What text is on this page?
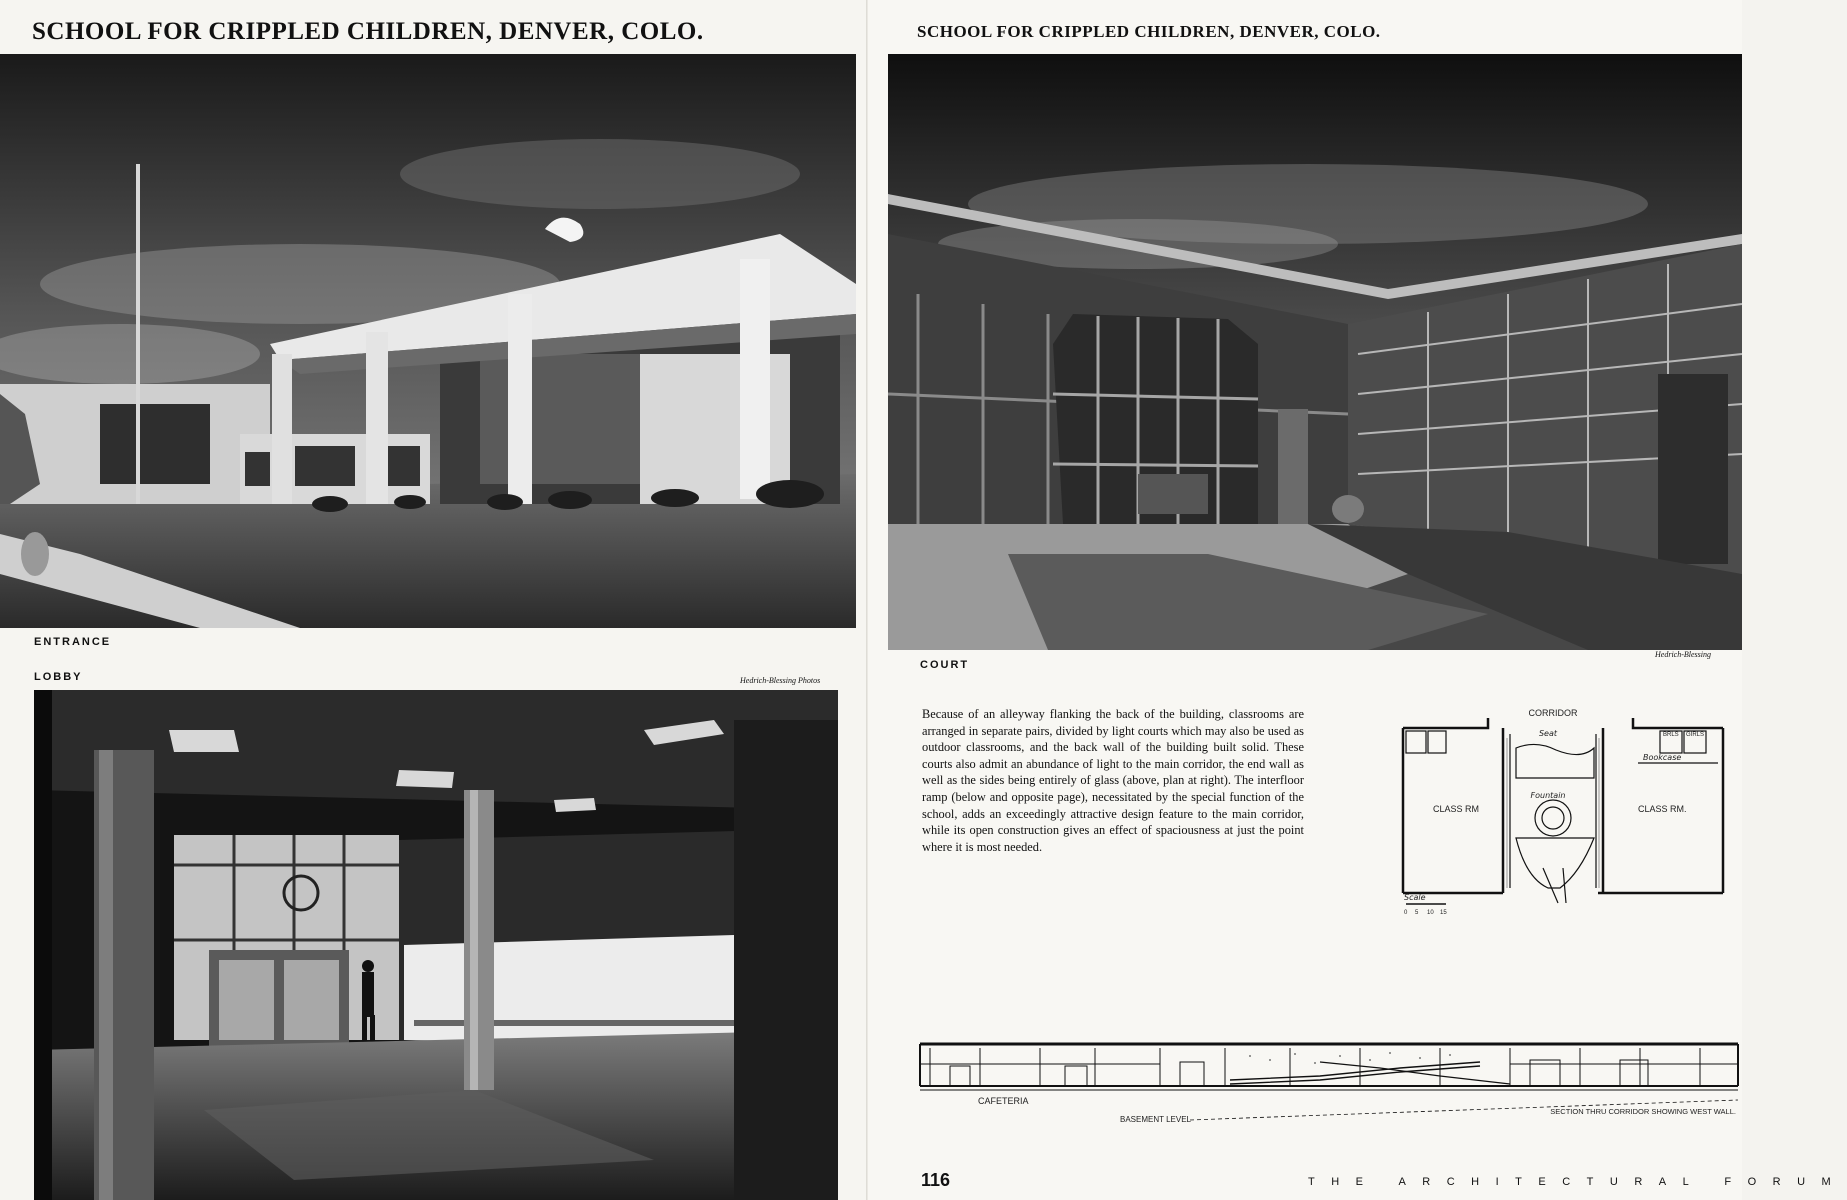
SCHOOL FOR CRIPPLED CHILDREN, DENVER, COLO.

ENTRANCE

LOBBY	Hedrich-Blessing Photos

SCHOOL FOR CRIPPLED CHILDREN, DENVER, COLO.

COURT

Hedrich-Blessing

Because of an alleyway flanking the back of the building, classrooms are arranged in separate pairs, divided by light courts which may also be used as outdoor classrooms, and the back wall of the building built solid. These courts also admit an abundance of light to the main corridor, the end wall as well as the sides being entirely of glass (above, plan at right). The interfloor ramp (below and opposite page), necessitated by the special function of the school, adds an exceedingly attractive design feature to the main corridor, while its open construction gives an effect of spaciousness at just the point where it is most needed.

CORRIDOR
Seat
Fountain
Bookcase
BRLS GIRLS
CLASS RM	CLASS RM.
Scale
0 5 10 15
CAFETERIA
BASEMENT LEVEL
SECTION THRU CORRIDOR SHOWING WEST WALL.

116	THE ARCHITECTURAL FORUM
